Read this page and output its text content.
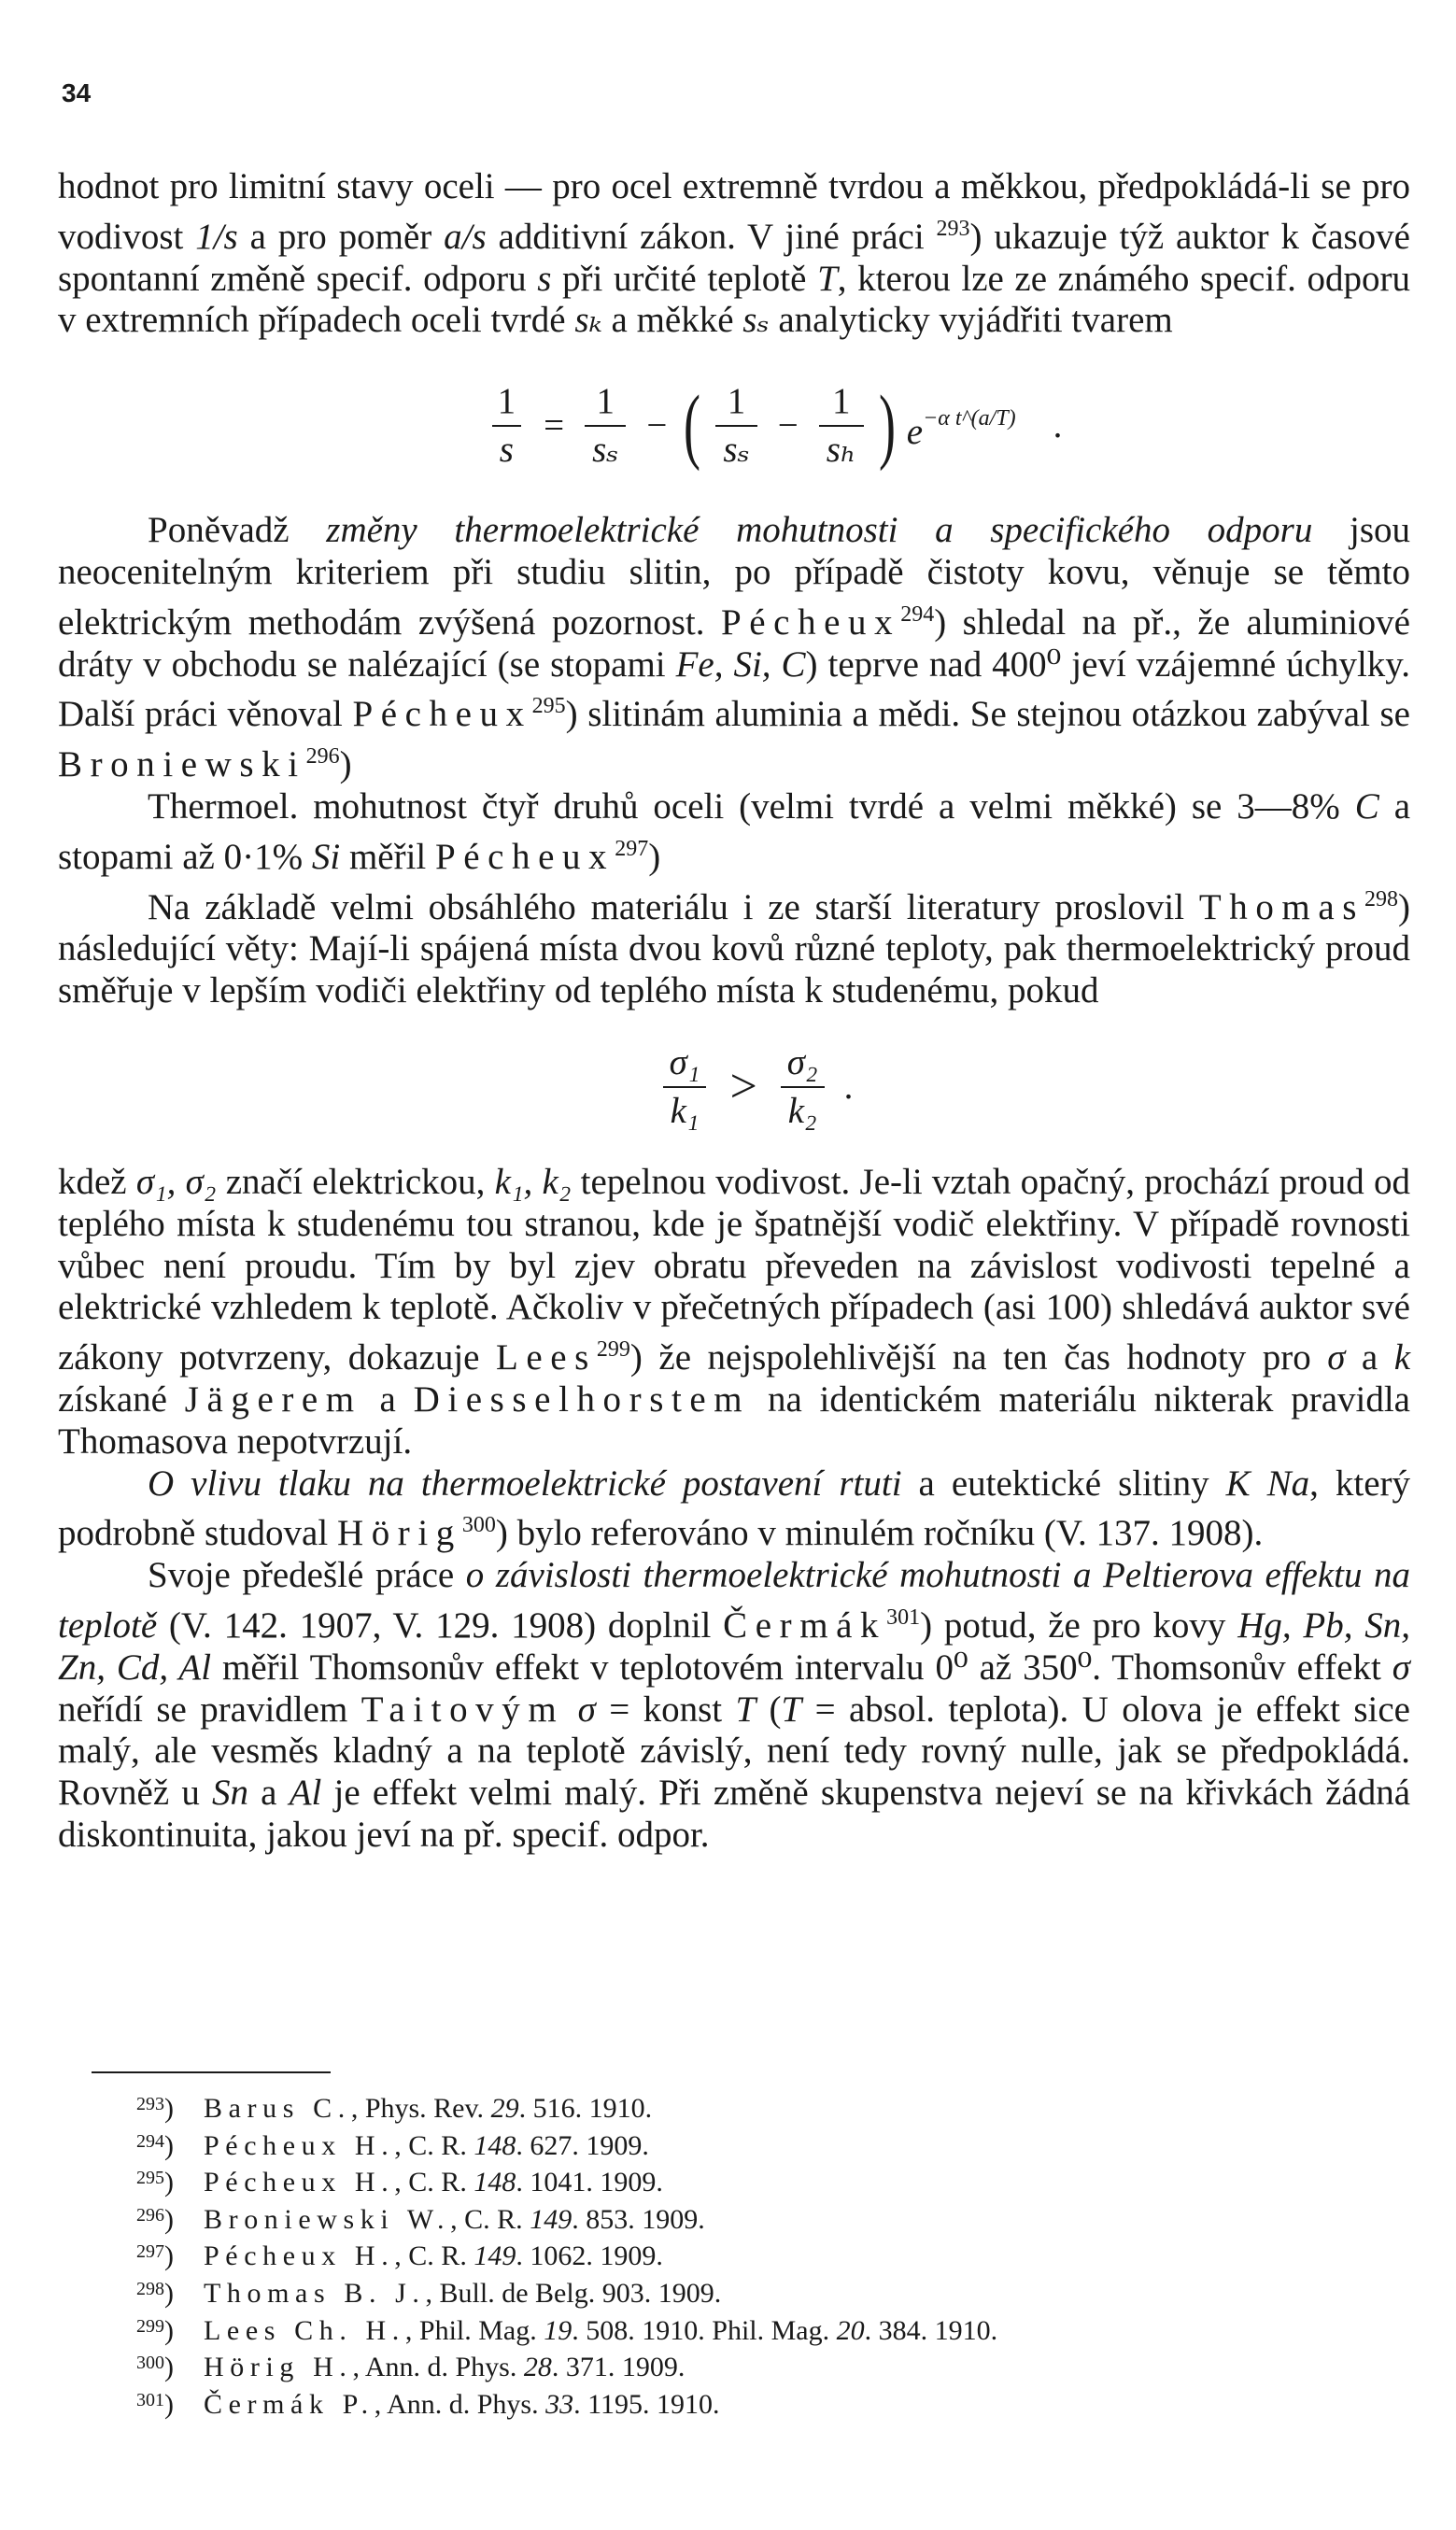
34

hodnot pro limitní stavy oceli — pro ocel extremně tvrdou a měkkou, předpokládá-li se pro vodivost 1/s a pro poměr a/s additivní zákon. V jiné práci $^{293}$) ukazuje týž auktor k časové spontanní změně specif. odporu s při určité teplotě T, kterou lze ze známého specif. odporu v extremních případech oceli tvrdé sₖ a měkké sₛ analyticky vyjádřiti tvarem

$\frac{1}{s} = \frac{1}{\text{sₛ}}$ − ( $\frac{1}{\text{sₛ}} - \frac{1}{\text{sₕ}}$ ) $e^{-\alpha t\^{}(a/T)}$ .

Poněvadž změny thermoelektrické mohutnosti a specifického odporu jsou neocenitelným kriteriem při studiu slitin, po případě čistoty kovu, věnuje se těmto elektrickým methodám zvýšená pozornost. Pécheux$^{294}$) shledal na př., že aluminiové dráty v obchodu se nalézající (se stopami Fe, Si, C) teprve nad 400⁰ jeví vzájemné úchylky. Další práci věnoval Pécheux$^{295}$) slitinám aluminia a mědi. Se stejnou otázkou zabýval se Broniewski$^{296}$)

Thermoel. mohutnost čtyř druhů oceli (velmi tvrdé a velmi měkké) se 3—8% C a stopami až 0·1% Si měřil Pécheux$^{297}$)

Na základě velmi obsáhlého materiálu i ze starší literatury proslovil Thomas$^{298}$) následující věty: Mají-li spájená místa dvou kovů různé teploty, pak thermoelektrický proud směřuje v lepším vodiči elektřiny od teplého místa k studenému, pokud

$\frac{\text{σ₁}}{\text{k₁}} > \frac{\text{σ₂}}{\text{k₂}}$ .

kdež σ₁, σ₂ značí elektrickou, k₁, k₂ tepelnou vodivost. Je-li vztah opačný, prochází proud od teplého místa k studenému tou stranou, kde je špatnější vodič elektřiny. V případě rovnosti vůbec není proudu. Tím by byl zjev obratu převeden na závislost vodivosti tepelné a elektrické vzhledem k teplotě. Ačkoliv v přečetných případech (asi 100) shledává auktor své zákony potvrzeny, dokazuje Lees$^{299}$) že nejspolehlivější na ten čas hodnoty pro σ a k získané Jägerem a Diesselhorstem na identickém materiálu nikterak pravidla Thomasova nepotvrzují.

O vlivu tlaku na thermoelektrické postavení rtuti a eutektické slitiny K Na, který podrobně studoval Hörig$^{300}$) bylo referováno v minulém ročníku (V. 137. 1908).

Svoje předešlé práce o závislosti thermoelektrické mohutnosti a Peltierova effektu na teplotě (V. 142. 1907, V. 129. 1908) doplnil Čermák$^{301}$) potud, že pro kovy Hg, Pb, Sn, Zn, Cd, Al měřil Thomsonův effekt v teplotovém intervalu 0⁰ až 350⁰. Thomsonův effekt σ neřídí se pravidlem Taitovým σ = konst T (T = absol. teplota). U olova je effekt sice malý, ale vesměs kladný a na teplotě závislý, není tedy rovný nulle, jak se předpokládá. Rovněž u Sn a Al je effekt velmi malý. Při změně skupenstva nejeví se na křivkách žádná diskontinuita, jakou jeví na př. specif. odpor.

$^{293}$) Barus C., Phys. Rev. 29. 516. 1910.
$^{294}$) Pécheux H., C. R. 148. 627. 1909.
$^{295}$) Pécheux H., C. R. 148. 1041. 1909.
$^{296}$) Broniewski W., C. R. 149. 853. 1909.
$^{297}$) Pécheux H., C. R. 149. 1062. 1909.
$^{298}$) Thomas B. J., Bull. de Belg. 903. 1909.
$^{299}$) Lees Ch. H., Phil. Mag. 19. 508. 1910. Phil. Mag. 20. 384. 1910.
$^{300}$) Hörig H., Ann. d. Phys. 28. 371. 1909.
$^{301}$) Čermák P., Ann. d. Phys. 33. 1195. 1910.
